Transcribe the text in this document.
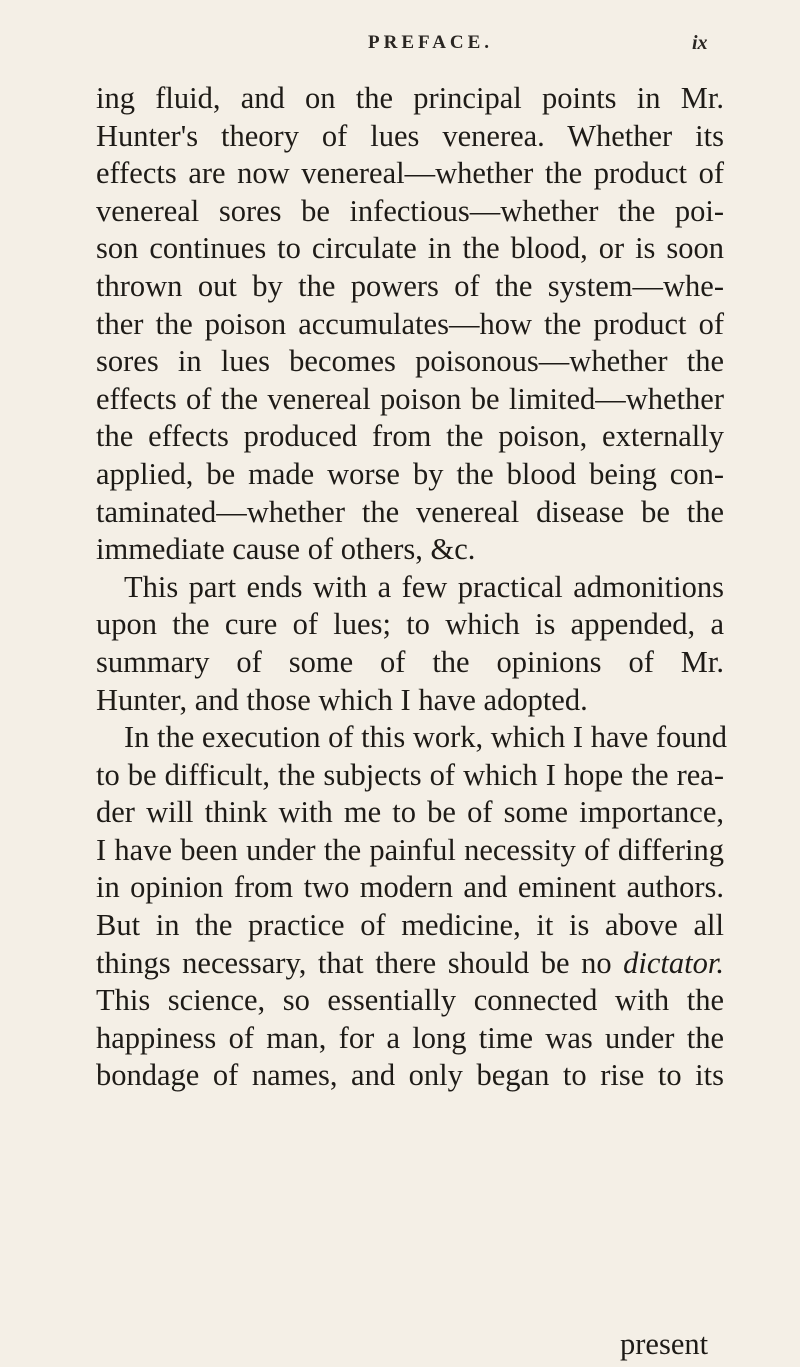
PREFACE.	ix
ing fluid, and on the principal points in Mr.
Hunter's theory of lues venerea. Whether its
effects are now venereal—whether the product of
venereal sores be infectious—whether the poi-
son continues to circulate in the blood, or is soon
thrown out by the powers of the system—whe-
ther the poison accumulates—how the product of
sores in lues becomes poisonous—whether the
effects of the venereal poison be limited—whether
the effects produced from the poison, externally
applied, be made worse by the blood being con-
taminated—whether the venereal disease be the
immediate cause of others, &c.
This part ends with a few practical admonitions
upon the cure of lues; to which is appended, a
summary of some of the opinions of Mr.
Hunter, and those which I have adopted.
In the execution of this work, which I have found
to be difficult, the subjects of which I hope the rea-
der will think with me to be of some importance,
I have been under the painful necessity of differing
in opinion from two modern and eminent authors.
But in the practice of medicine, it is above all
things necessary, that there should be no dictator.
This science, so essentially connected with the
happiness of man, for a long time was under the
bondage of names, and only began to rise to its
present
